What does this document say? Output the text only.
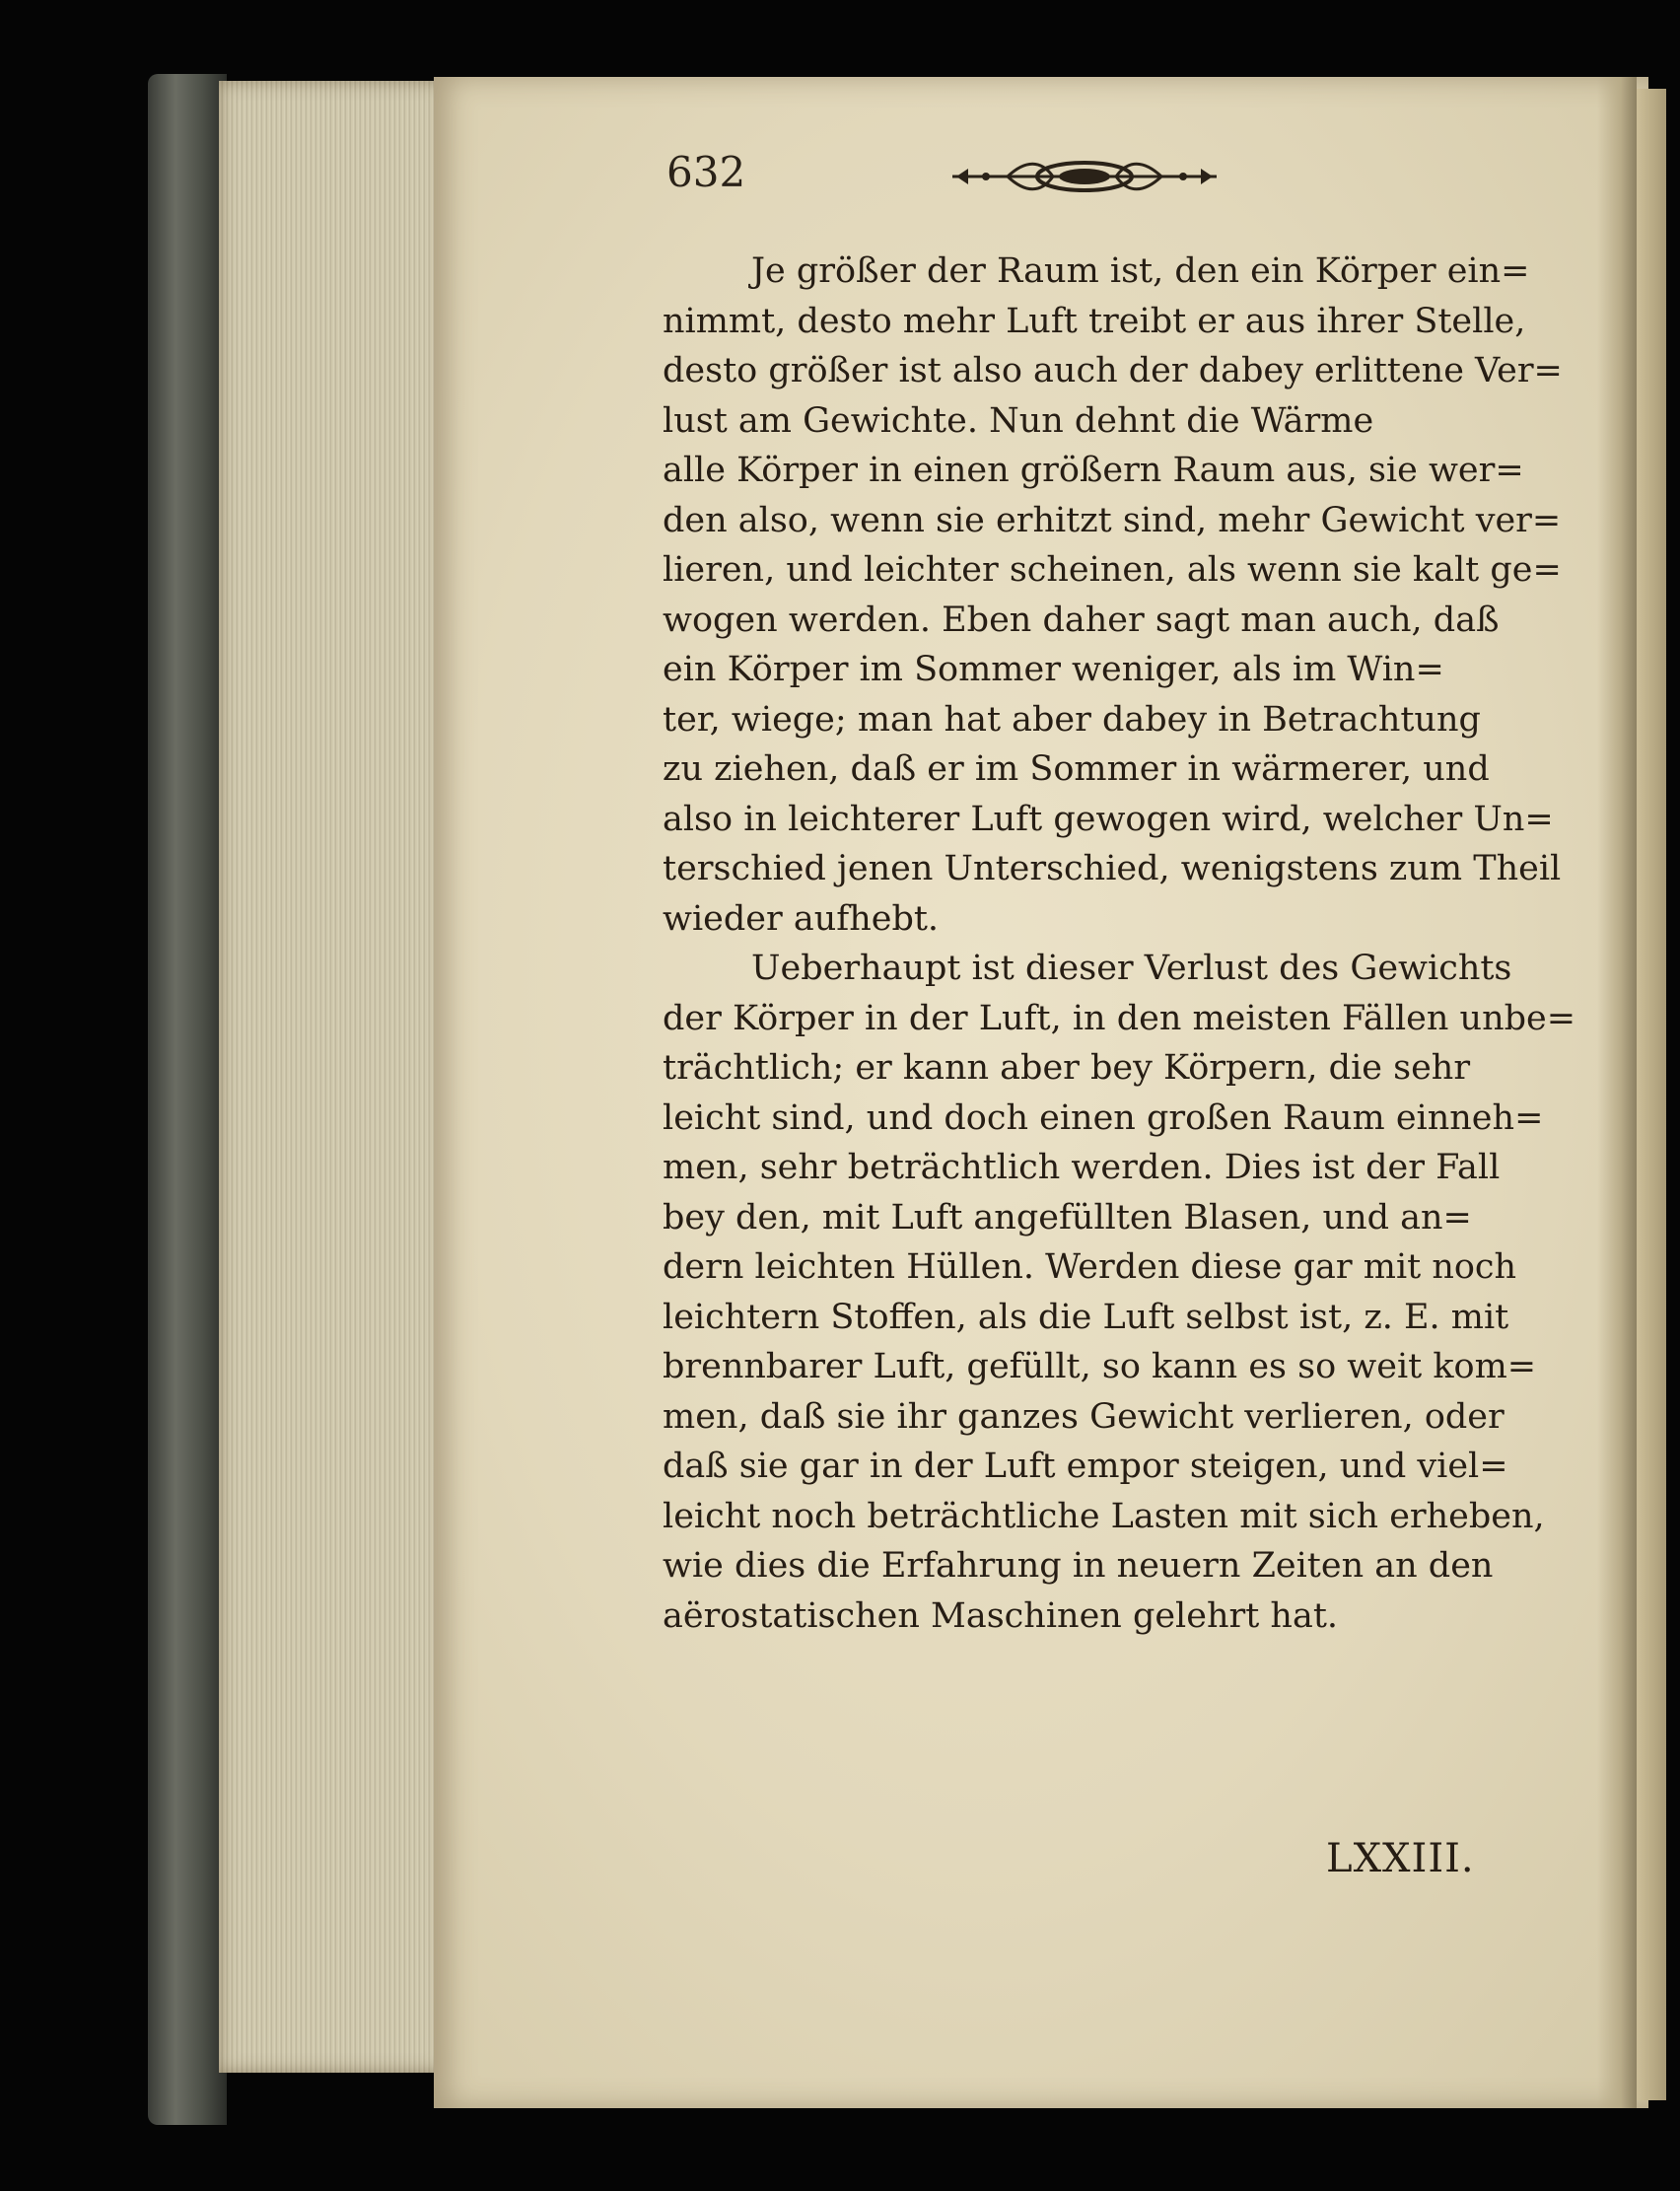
632
Je größer der Raum ist, den ein Körper ein=
nimmt, desto mehr Luft treibt er aus ihrer Stelle,
desto größer ist also auch der dabey erlittene Ver=
lust am Gewichte. Nun dehnt die Wärme
alle Körper in einen größern Raum aus, sie wer=
den also, wenn sie erhitzt sind, mehr Gewicht ver=
lieren, und leichter scheinen, als wenn sie kalt ge=
wogen werden. Eben daher sagt man auch, daß
ein Körper im Sommer weniger, als im Win=
ter, wiege; man hat aber dabey in Betrachtung
zu ziehen, daß er im Sommer in wärmerer, und
also in leichterer Luft gewogen wird, welcher Un=
terschied jenen Unterschied, wenigstens zum Theil
wieder aufhebt.
Ueberhaupt ist dieser Verlust des Gewichts
der Körper in der Luft, in den meisten Fällen unbe=
trächtlich; er kann aber bey Körpern, die sehr
leicht sind, und doch einen großen Raum einneh=
men, sehr beträchtlich werden. Dies ist der Fall
bey den, mit Luft angefüllten Blasen, und an=
dern leichten Hüllen. Werden diese gar mit noch
leichtern Stoffen, als die Luft selbst ist, z. E. mit
brennbarer Luft, gefüllt, so kann es so weit kom=
men, daß sie ihr ganzes Gewicht verlieren, oder
daß sie gar in der Luft empor steigen, und viel=
leicht noch beträchtliche Lasten mit sich erheben,
wie dies die Erfahrung in neuern Zeiten an den
aërostatischen Maschinen gelehrt hat.
LXXIII.
